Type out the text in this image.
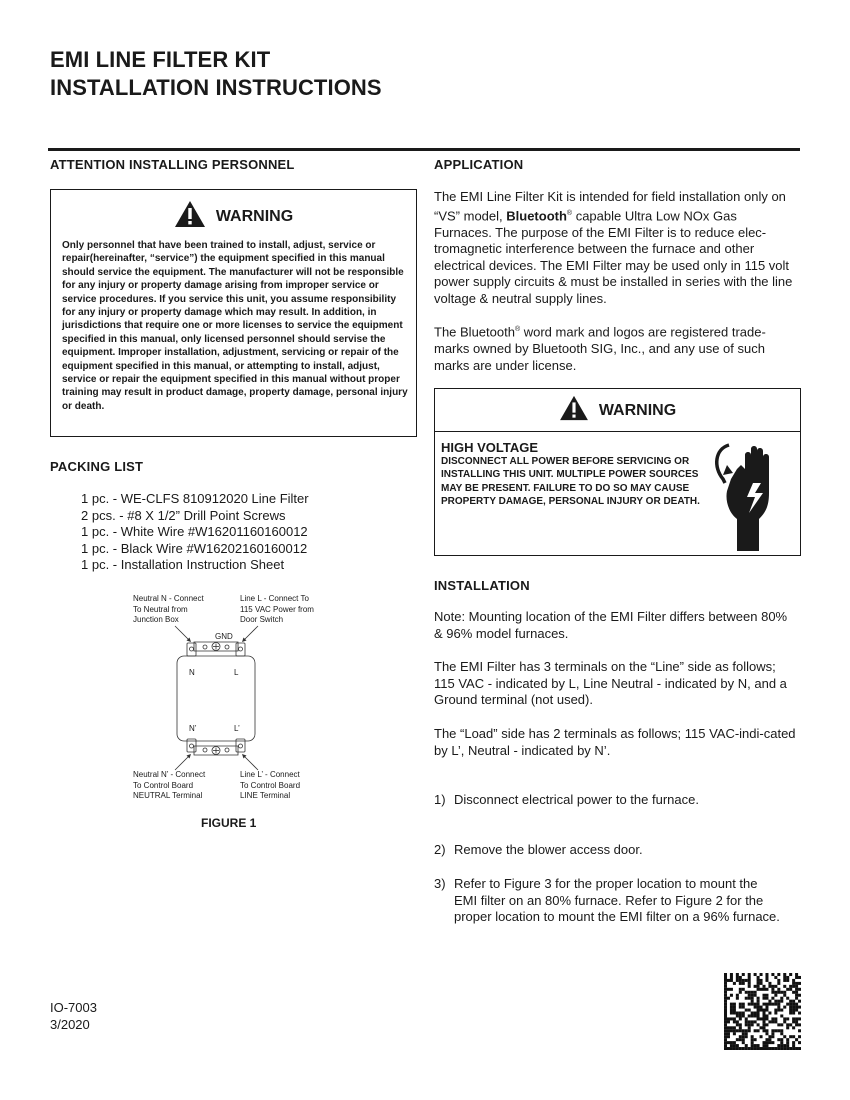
EMI LINE FILTER KIT
INSTALLATION INSTRUCTIONS
ATTENTION INSTALLING PERSONNEL
WARNING
Only personnel that have been trained to install, adjust, service or repair(hereinafter, “service”) the equipment specified in this manual should service the equipment. The manufacturer will not be responsible for any injury or property damage arising from improper service or service procedures. If you service this unit, you assume responsibility for any injury or property damage which may result. In addition, in jurisdictions that require one or more licenses to service the equipment specified in this manual, only licensed personnel should servise the equipment. Improper installation, adjustment, servicing or repair of the equipment specified in this manual, or attempting to install, adjust, service or repair the equipment specified in this manual without proper training may result in product damage, property damage, personal injury or death.
PACKING LIST
1 pc. - WE-CLFS 810912020 Line Filter
2 pcs. - #8 X 1/2” Drill Point Screws
1 pc. - White Wire #W16201160160012
1 pc. - Black Wire #W16202160160012
1 pc. - Installation Instruction Sheet
Neutral N - Connect
To Neutral from
Junction Box
Line L - Connect To
115 VAC Power from
Door Switch
Neutral N’ - Connect
To Control Board
NEUTRAL Terminal
Line L’ - Connect
To Control Board
LINE Terminal
GND
N	L
N’	L’
FIGURE 1
IO-7003
3/2020
APPLICATION

The EMI Line Filter Kit is intended for field installation only on “VS” model, Bluetooth® capable Ultra Low NOx Gas Furnaces. The purpose of the EMI Filter is to reduce elec-tromagnetic interference between the furnace and other electrical devices. The EMI Filter may be used only in 115 volt power supply circuits & must be installed in series with the line voltage & neutral supply lines.

The Bluetooth® word mark and logos are registered trade-marks owned by Bluetooth SIG, Inc., and any use of such marks are under license.

WARNING
HIGH VOLTAGE
DISCONNECT ALL POWER BEFORE SERVICING OR INSTALLING THIS UNIT. MULTIPLE POWER SOURCES MAY BE PRESENT. FAILURE TO DO SO MAY CAUSE PROPERTY DAMAGE, PERSONAL INJURY OR DEATH.
INSTALLATION

Note: Mounting location of the EMI Filter differs between 80% & 96% model furnaces.

The EMI Filter has 3 terminals on the “Line” side as follows; 115 VAC - indicated by L, Line Neutral - indicated by N, and a Ground terminal (not used).

The “Load” side has 2 terminals as follows; 115 VAC-indi-cated by L’, Neutral - indicated by N’.

1) Disconnect electrical power to the furnace.
2) Remove the blower access door.
3) Refer to Figure 3 for the proper location to mount the EMI filter on an 80% furnace. Refer to Figure 2 for the proper location to mount the EMI filter on a 96% furnace.
